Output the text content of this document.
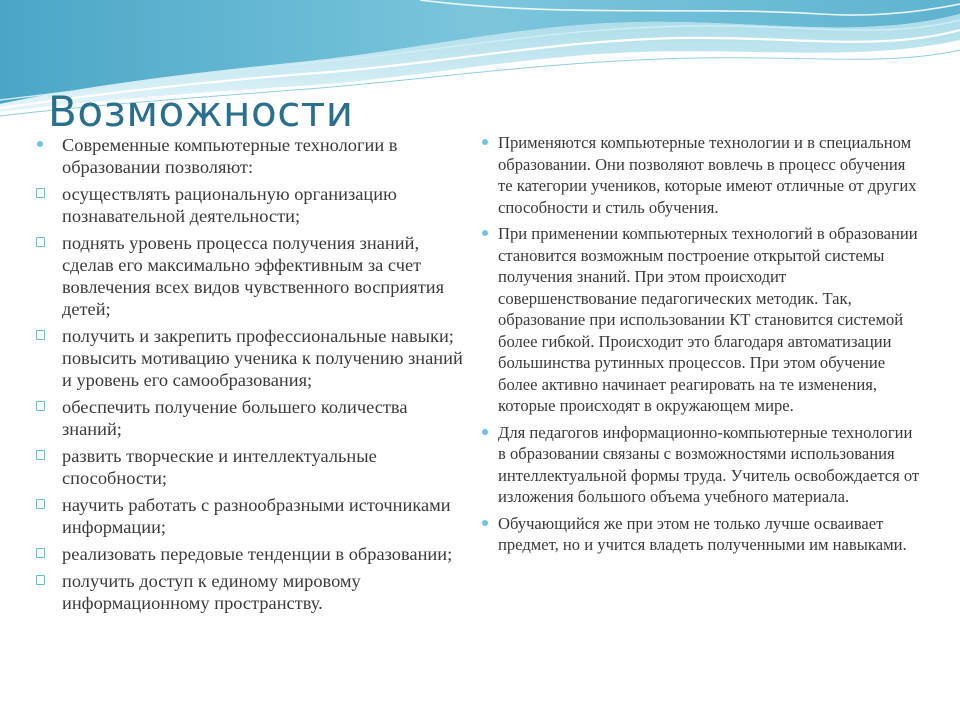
Возможности
Современные компьютерные технологии в образовании позволяют:
осуществлять рациональную организацию познавательной деятельности;
поднять уровень процесса получения знаний, сделав его максимально эффективным за счет вовлечения всех видов чувственного восприятия детей;
получить и закрепить профессиональные навыки; повысить мотивацию ученика к получению знаний и уровень его самообразования;
обеспечить получение большего количества знаний;
развить творческие и интеллектуальные способности;
научить работать с разнообразными источниками информации;
реализовать передовые тенденции в образовании;
получить доступ к единому мировому информационному пространству.
Применяются компьютерные технологии и в специальном образовании. Они позволяют вовлечь в процесс обучения те категории учеников, которые имеют отличные от других способности и стиль обучения.
При применении компьютерных технологий в образовании становится возможным построение открытой системы получения знаний. При этом происходит совершенствование педагогических методик. Так, образование при использовании КТ становится системой более гибкой. Происходит это благодаря автоматизации большинства рутинных процессов. При этом обучение более активно начинает реагировать на те изменения, которые происходят в окружающем мире.
Для педагогов информационно-компьютерные технологии в образовании связаны с возможностями использования интеллектуальной формы труда. Учитель освобождается от изложения большого объема учебного материала.
Обучающийся же при этом не только лучше осваивает предмет, но и учится владеть полученными им навыками.
